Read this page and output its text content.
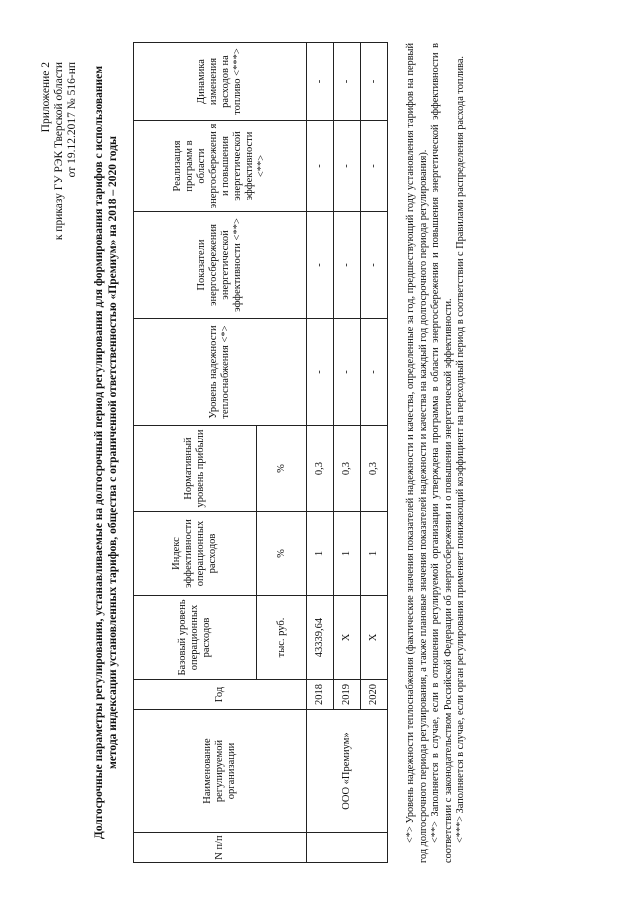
Приложение 2 к приказу ГУ РЭК Тверской области от 19.12.2017 № 516-нп Долгосрочные параметры регулирования, устанавливаемые на долгосрочный период регулирования для формирования тарифов с использованием метода индексации установленных тарифов, общества с ограниченной ответственностью «Премиум» на 2018 – 2020 годы
N п/п	Наименование регулируемой организации	Год	Базовый уровень операционных расходов	Индекс эффективности операционных расходов	Нормативный уровень прибыли	Уровень надежности теплоснабжения <*>	Показатели энергосбережения энергетической эффективности <**>	Реализация программ в области энергосбережени я и повышения энергетической эффективности <**>	Динамика изменения расходов на топливо <***>
			тыс. руб.	%	%				
	ООО «Премиум»	2018	43339,64	1	0,3	-	-	-	-
		2019	X	1	0,3	-	-	-	-
		2020	X	1	0,3	-	-	-	-	<*> Уровень надежности теплоснабжения (фактические значения показателей надежности и качества, определенные за год, предшествующий году установления тарифов на первый год долгосрочного периода регулирования, а также плановые значения показателей надежности и качества на каждый год долгосрочного периода регулирования). <**> Заполняется в случае, если в отношении регулируемой организации утверждена программа в области энергосбережения и повышения энергетической эффективности в соответствии с законодательством Российской Федерации об энергосбережении и о повышении энергетической эффективности. <***> Заполняется в случае, если орган регулирования применяет понижающий коэффициент на переходный период в соответствии с Правилами распределения расхода топлива.
